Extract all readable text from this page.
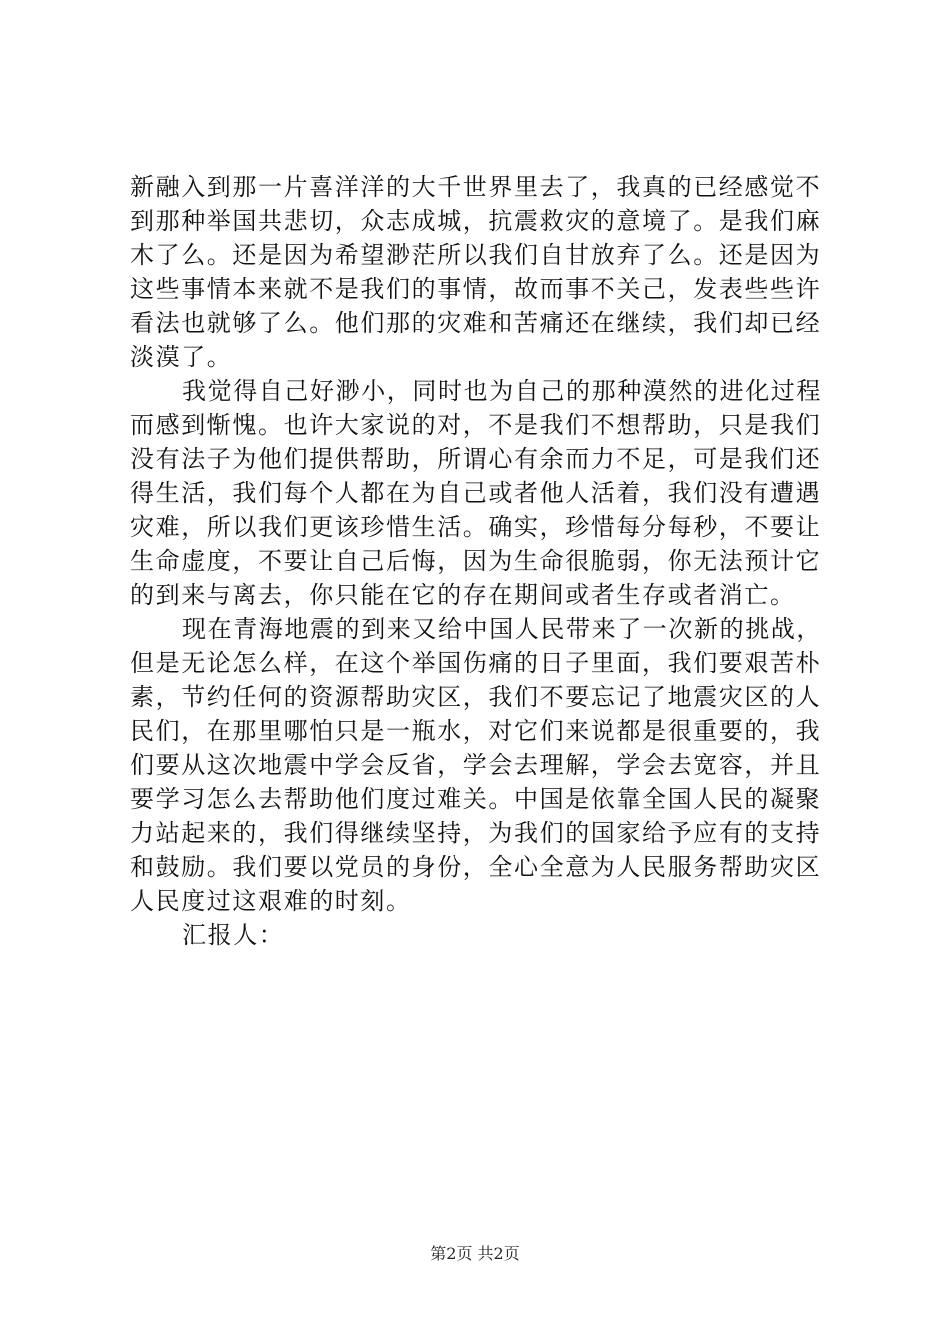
新融入到那一片喜洋洋的大千世界里去了，我真的已经感觉不
到那种举国共悲切，众志成城，抗震救灾的意境了。是我们麻
木了么。还是因为希望渺茫所以我们自甘放弃了么。还是因为
这些事情本来就不是我们的事情，故而事不关己，发表些些许
看法也就够了么。他们那的灾难和苦痛还在继续，我们却已经
淡漠了。
我觉得自己好渺小，同时也为自己的那种漠然的进化过程
而感到惭愧。也许大家说的对，不是我们不想帮助，只是我们
没有法子为他们提供帮助，所谓心有余而力不足，可是我们还
得生活，我们每个人都在为自己或者他人活着，我们没有遭遇
灾难，所以我们更该珍惜生活。确实，珍惜每分每秒，不要让
生命虚度，不要让自己后悔，因为生命很脆弱，你无法预计它
的到来与离去，你只能在它的存在期间或者生存或者消亡。
现在青海地震的到来又给中国人民带来了一次新的挑战，
但是无论怎么样，在这个举国伤痛的日子里面，我们要艰苦朴
素，节约任何的资源帮助灾区，我们不要忘记了地震灾区的人
民们，在那里哪怕只是一瓶水，对它们来说都是很重要的，我
们要从这次地震中学会反省，学会去理解，学会去宽容，并且
要学习怎么去帮助他们度过难关。中国是依靠全国人民的凝聚
力站起来的，我们得继续坚持，为我们的国家给予应有的支持
和鼓励。我们要以党员的身份，全心全意为人民服务帮助灾区
人民度过这艰难的时刻。
汇报人：
第2页 共2页
